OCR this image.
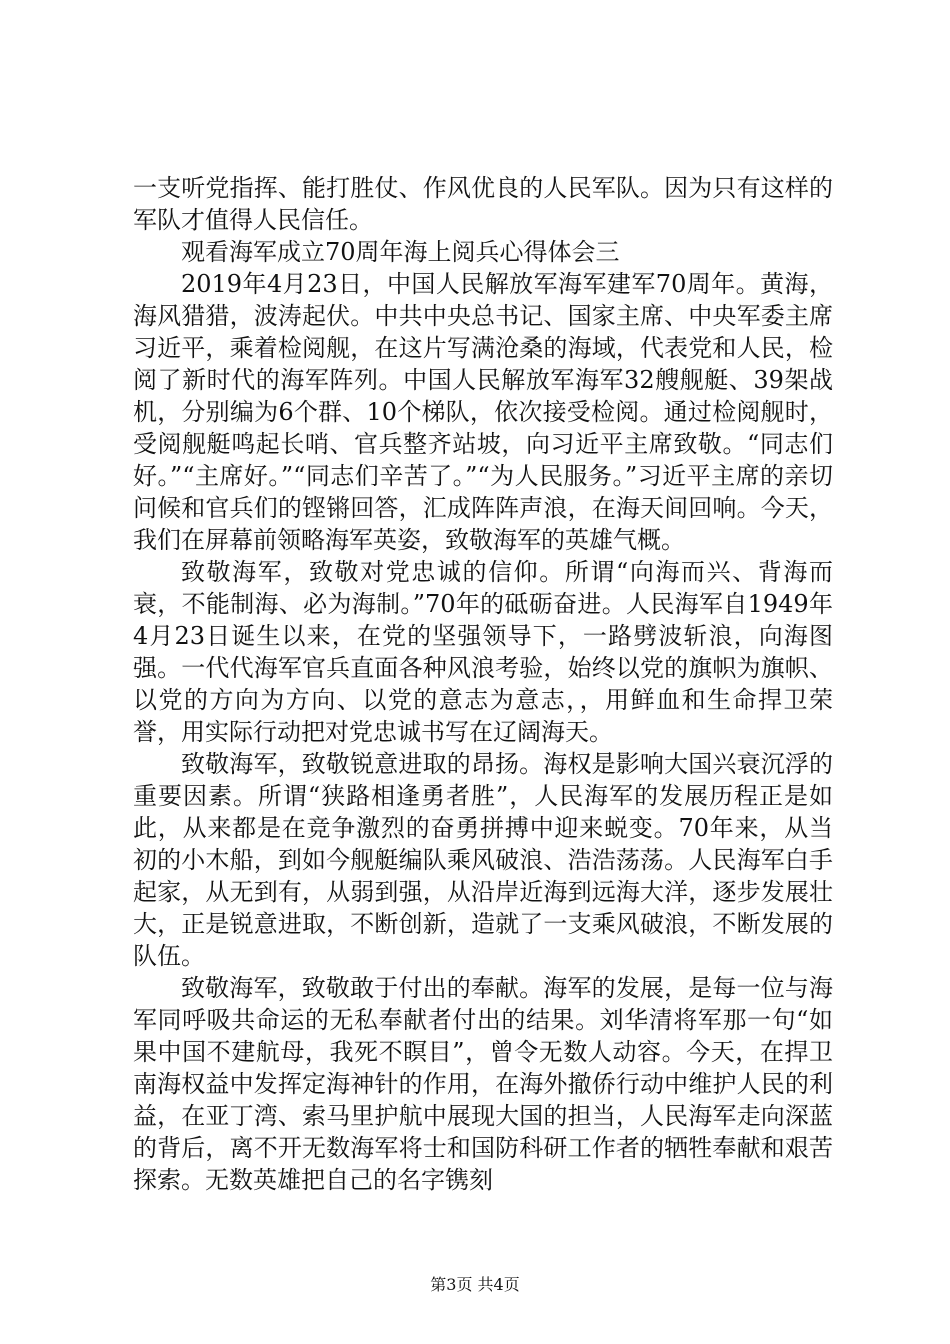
一支听党指挥、能打胜仗、作风优良的人民军队。因为只有这样的军队才值得人民信任。

观看海军成立70周年海上阅兵心得体会三

2019年4月23日，中国人民解放军海军建军70周年。黄海，海风猎猎，波涛起伏。中共中央总书记、国家主席、中央军委主席习近平，乘着检阅舰，在这片写满沧桑的海域，代表党和人民，检阅了新时代的海军阵列。中国人民解放军海军32艘舰艇、39架战机，分别编为6个群、10个梯队，依次接受检阅。通过检阅舰时，受阅舰艇鸣起长哨、官兵整齐站坡，向习近平主席致敬。“同志们好。”“主席好。”“同志们辛苦了。”“为人民服务。”习近平主席的亲切问候和官兵们的铿锵回答，汇成阵阵声浪，在海天间回响。今天，我们在屏幕前领略海军英姿，致敬海军的英雄气概。

致敬海军，致敬对党忠诚的信仰。所谓“向海而兴、背海而衰，不能制海、必为海制。”70年的砥砺奋进。人民海军自1949年4月23日诞生以来，在党的坚强领导下，一路劈波斩浪，向海图强。一代代海军官兵直面各种风浪考验，始终以党的旗帜为旗帜、以党的方向为方向、以党的意志为意志，，用鲜血和生命捍卫荣誉，用实际行动把对党忠诚书写在辽阔海天。

致敬海军，致敬锐意进取的昂扬。海权是影响大国兴衰沉浮的重要因素。所谓“狭路相逢勇者胜”，人民海军的发展历程正是如此，从来都是在竞争激烈的奋勇拼搏中迎来蜕变。70年来，从当初的小木船，到如今舰艇编队乘风破浪、浩浩荡荡。人民海军白手起家，从无到有，从弱到强，从沿岸近海到远海大洋，逐步发展壮大，正是锐意进取，不断创新，造就了一支乘风破浪，不断发展的队伍。

致敬海军，致敬敢于付出的奉献。海军的发展，是每一位与海军同呼吸共命运的无私奉献者付出的结果。刘华清将军那一句“如果中国不建航母，我死不瞑目”，曾令无数人动容。今天，在捍卫南海权益中发挥定海神针的作用，在海外撤侨行动中维护人民的利益，在亚丁湾、索马里护航中展现大国的担当，人民海军走向深蓝的背后，离不开无数海军将士和国防科研工作者的牺牲奉献和艰苦探索。无数英雄把自己的名字镌刻

第3页 共4页
